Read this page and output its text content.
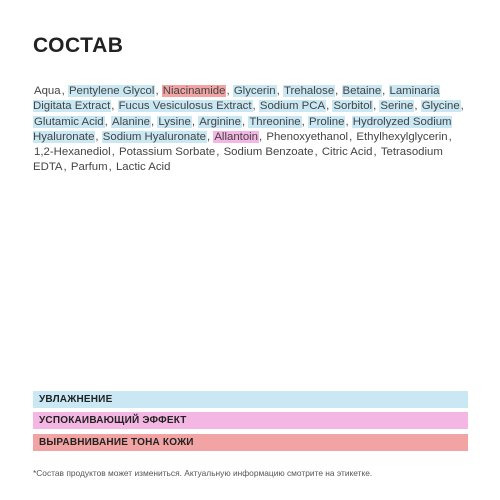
СОСТАВ
Aqua, Pentylene Glycol, Niacinamide, Glycerin, Trehalose, Betaine, Laminaria Digitata Extract, Fucus Vesiculosus Extract, Sodium PCA, Sorbitol, Serine, Glycine, Glutamic Acid, Alanine, Lysine, Arginine, Threonine, Proline, Hydrolyzed Sodium Hyaluronate, Sodium Hyaluronate, Allantoin, Phenoxyethanol, Ethylhexylglycerin, 1,2-Hexanediol, Potassium Sorbate, Sodium Benzoate, Citric Acid, Tetrasodium EDTA, Parfum, Lactic Acid
УВЛАЖНЕНИЕ
УСПОКАИВАЮЩИЙ ЭФФЕКТ
ВЫРАВНИВАНИЕ ТОНА КОЖИ
*Состав продуктов может измениться. Актуальную информацию смотрите на этикетке.
